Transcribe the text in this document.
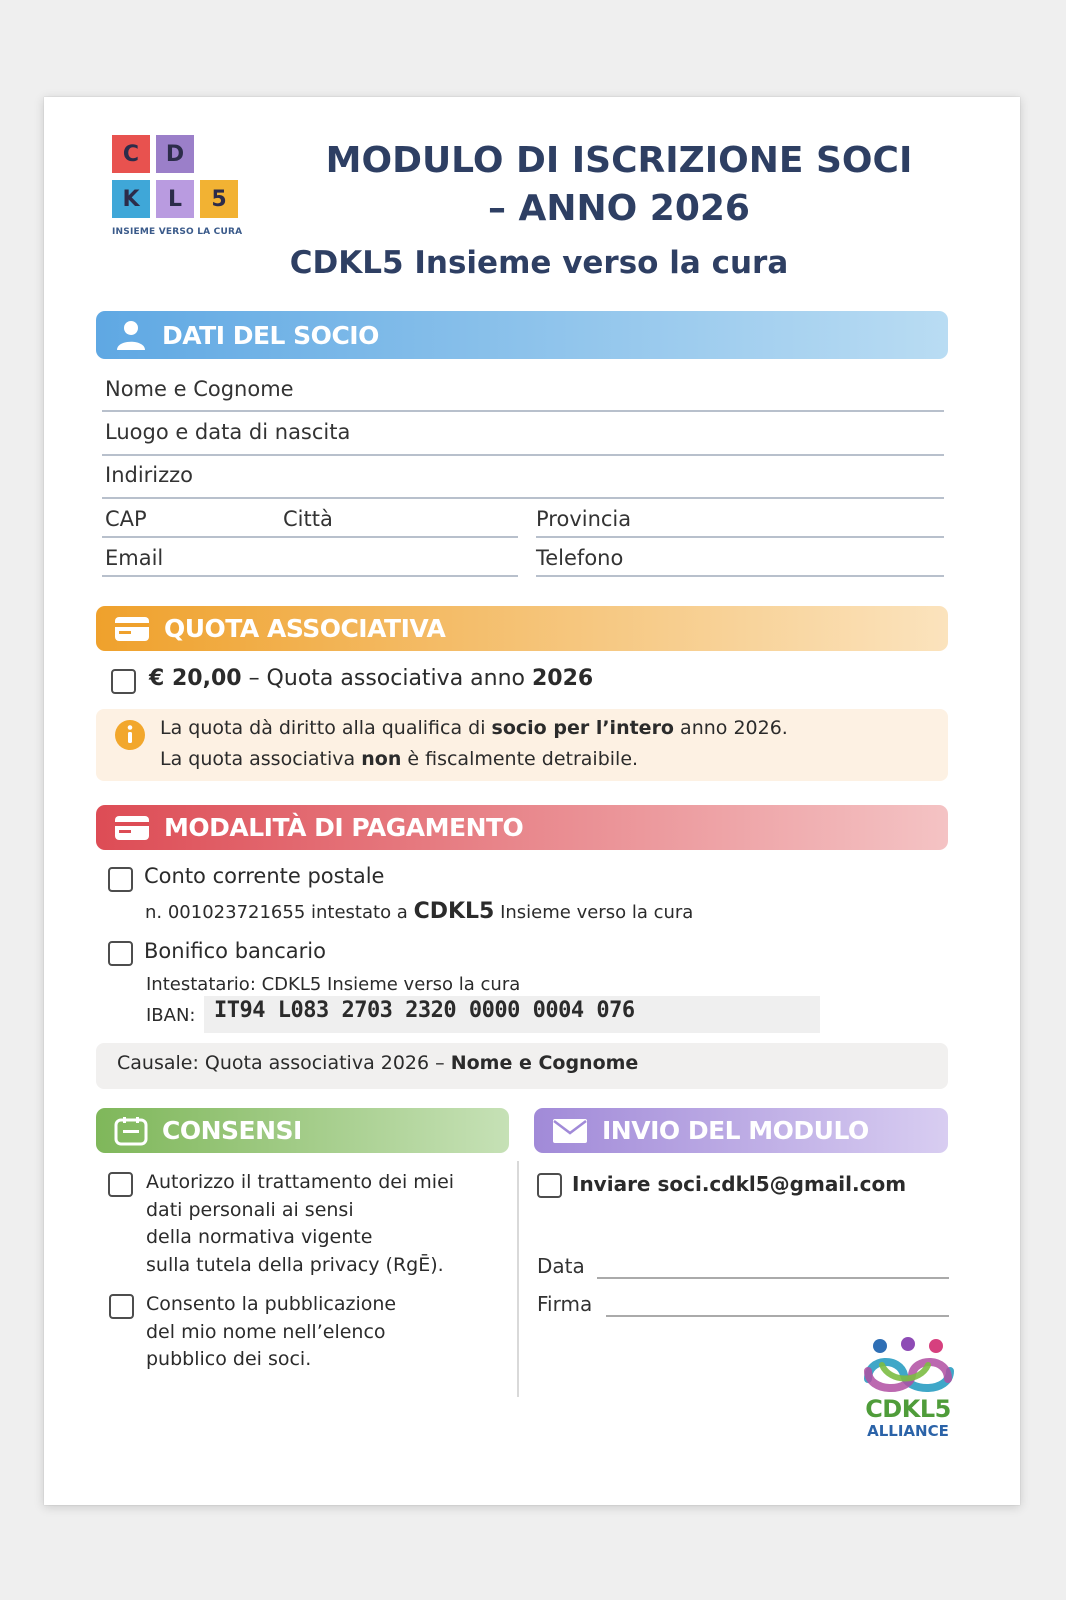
C	D
K	L	5
INSIEME VERSO LA CURA
MODULO DI ISCRIZIONE SOCI
– ANNO 2026
CDKL5 Insieme verso la cura
DATI DEL SOCIO
Nome e Cognome
Luogo e data di nascita
Indirizzo
CAP	Città	Provincia
Email	Telefono
QUOTA ASSOCIATIVA
€ 20,00 – Quota associativa anno 2026
La quota dà diritto alla qualifica di socio per l’intero anno 2026.
La quota associativa non è fiscalmente detraibile.
MODALITÀ DI PAGAMENTO
Conto corrente postale
n. 001023721655 intestato a CDKL5 Insieme verso la cura
Bonifico bancario
Intestatario: CDKL5 Insieme verso la cura
IBAN: IT94 L083 2703 2320 0000 0004 076
Causale: Quota associativa 2026 – Nome e Cognome
CONSENSI
Autorizzo il trattamento dei miei
dati personali ai sensi
della normativa vigente
sulla tutela della privacy (RgĒ).
Consento la pubblicazione
del mio nome nell’elenco
pubblico dei soci.
INVIO DEL MODULO
Inviare soci.cdkl5@gmail.com
Data
Firma
CDKL5
ALLIANCE
